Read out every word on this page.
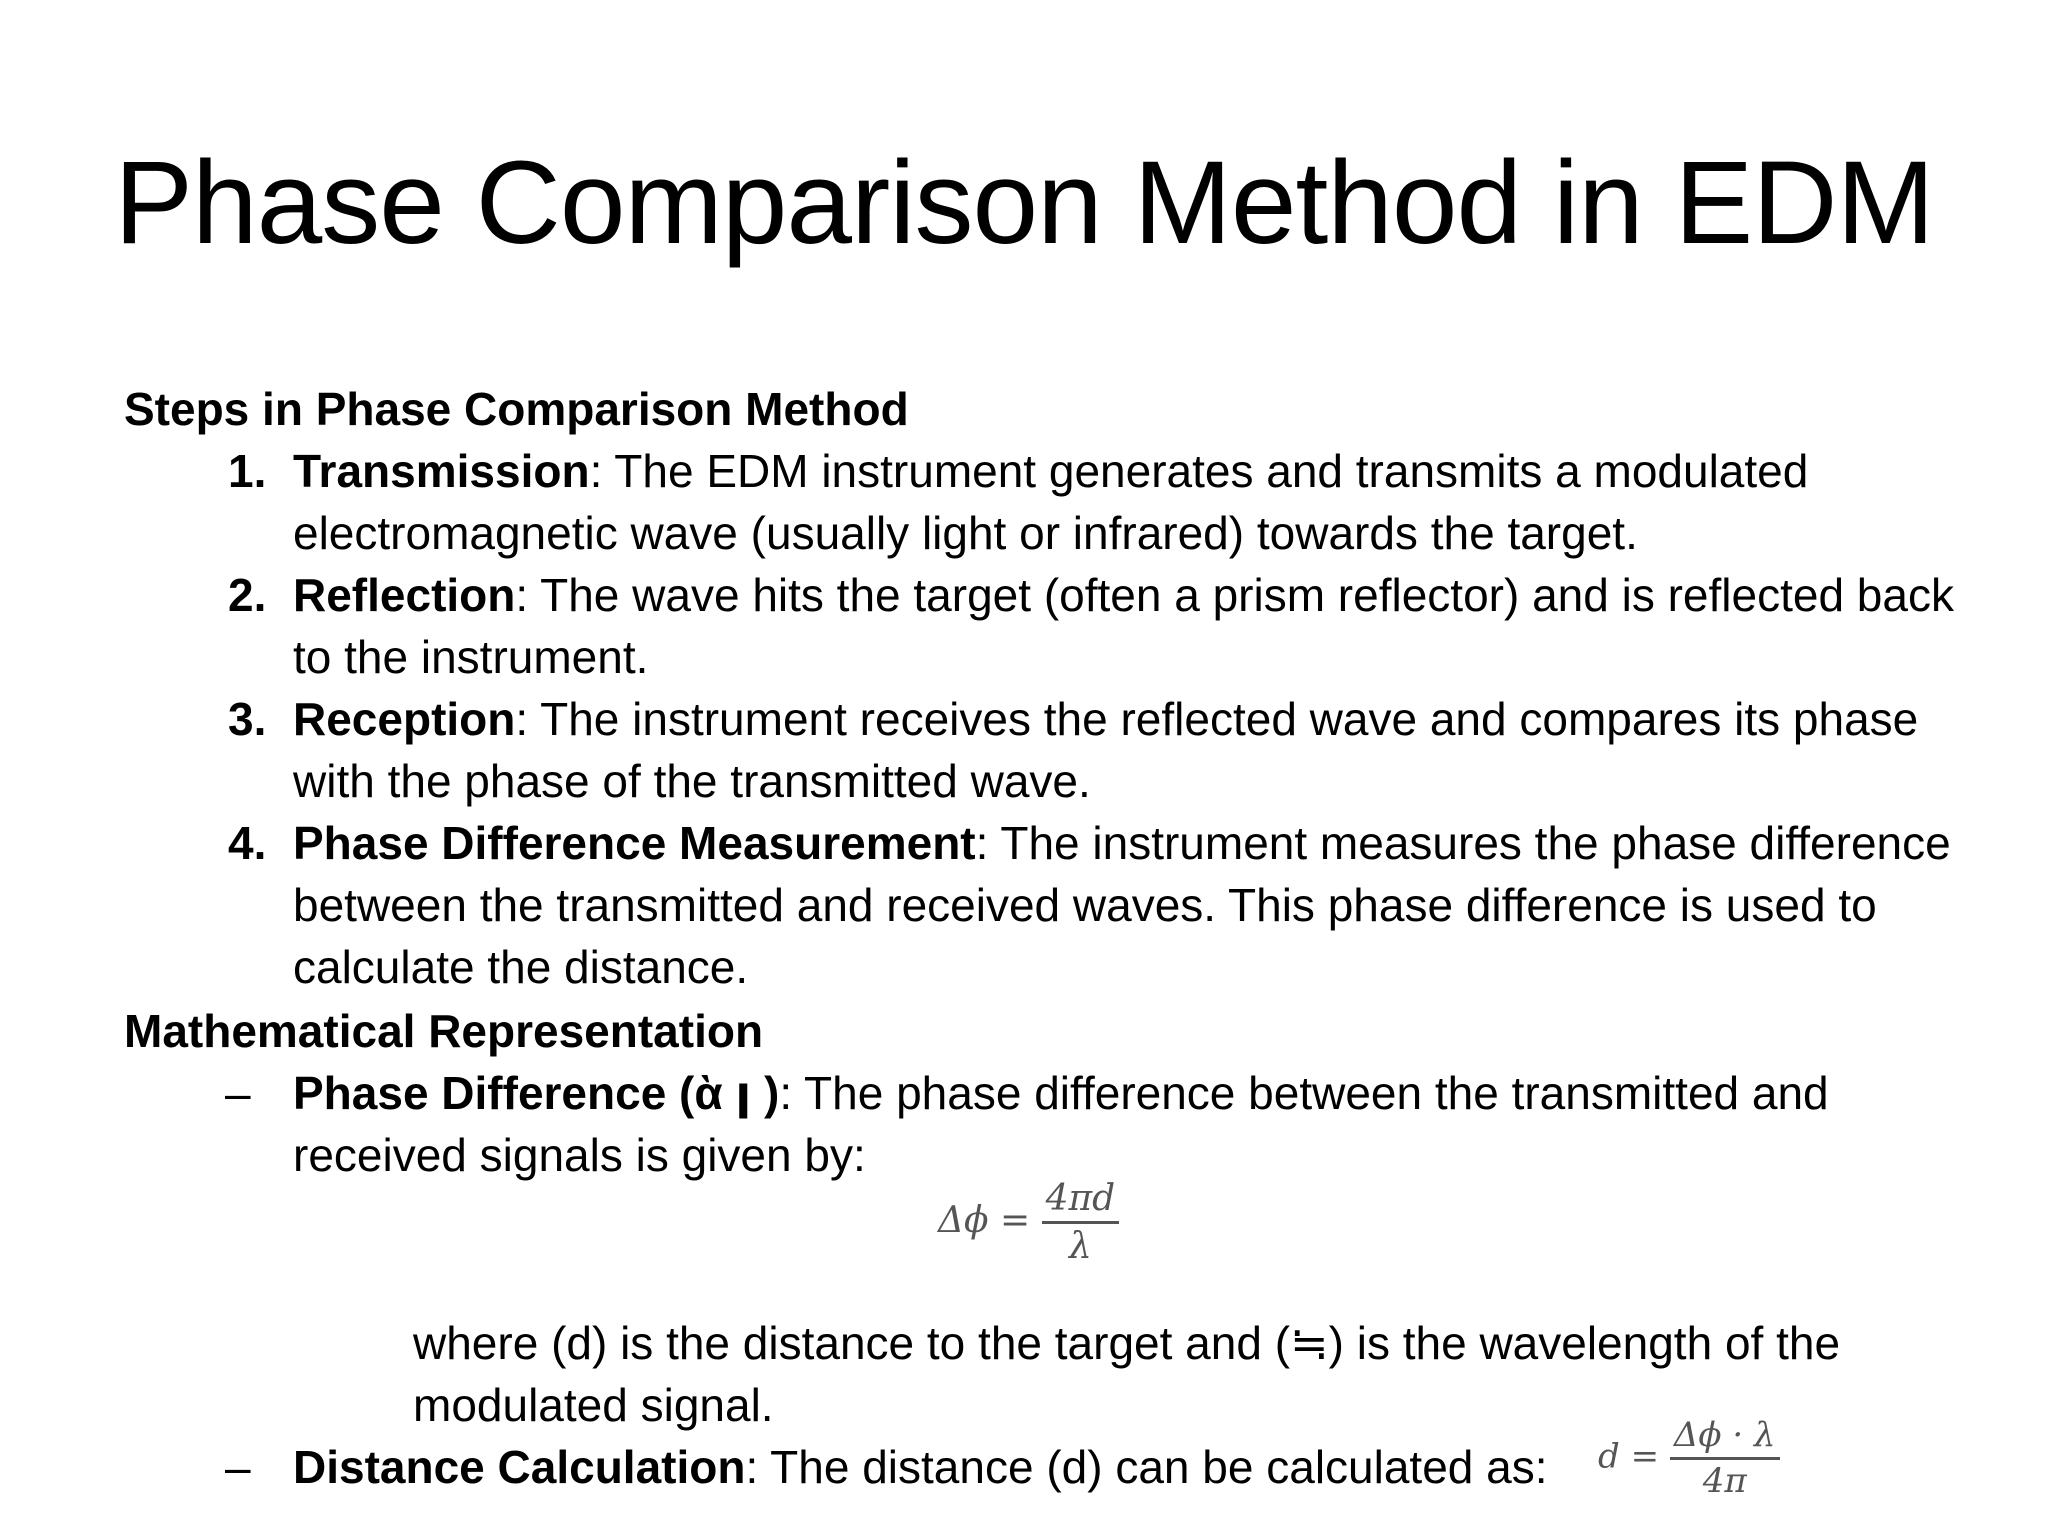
Phase Comparison Method in EDM
Steps in Phase Comparison Method
1. Transmission: The EDM instrument generates and transmits a modulated electromagnetic wave (usually light or infrared) towards the target.
2. Reflection: The wave hits the target (often a prism reflector) and is reflected back to the instrument.
3. Reception: The instrument receives the reflected wave and compares its phase with the phase of the transmitted wave.
4. Phase Difference Measurement: The instrument measures the phase difference between the transmitted and received waves. This phase difference is used to calculate the distance.
Mathematical Representation
– Phase Difference (ὰ ꞁ ): The phase difference between the transmitted and received signals is given by:
$\Delta\phi = \frac{4\pi d}{\lambda}$
where (d) is the distance to the target and (≒) is the wavelength of the modulated signal.
– Distance Calculation: The distance (d) can be calculated as:	$d = \frac{\Delta\phi \cdot \lambda}{4\pi}$
